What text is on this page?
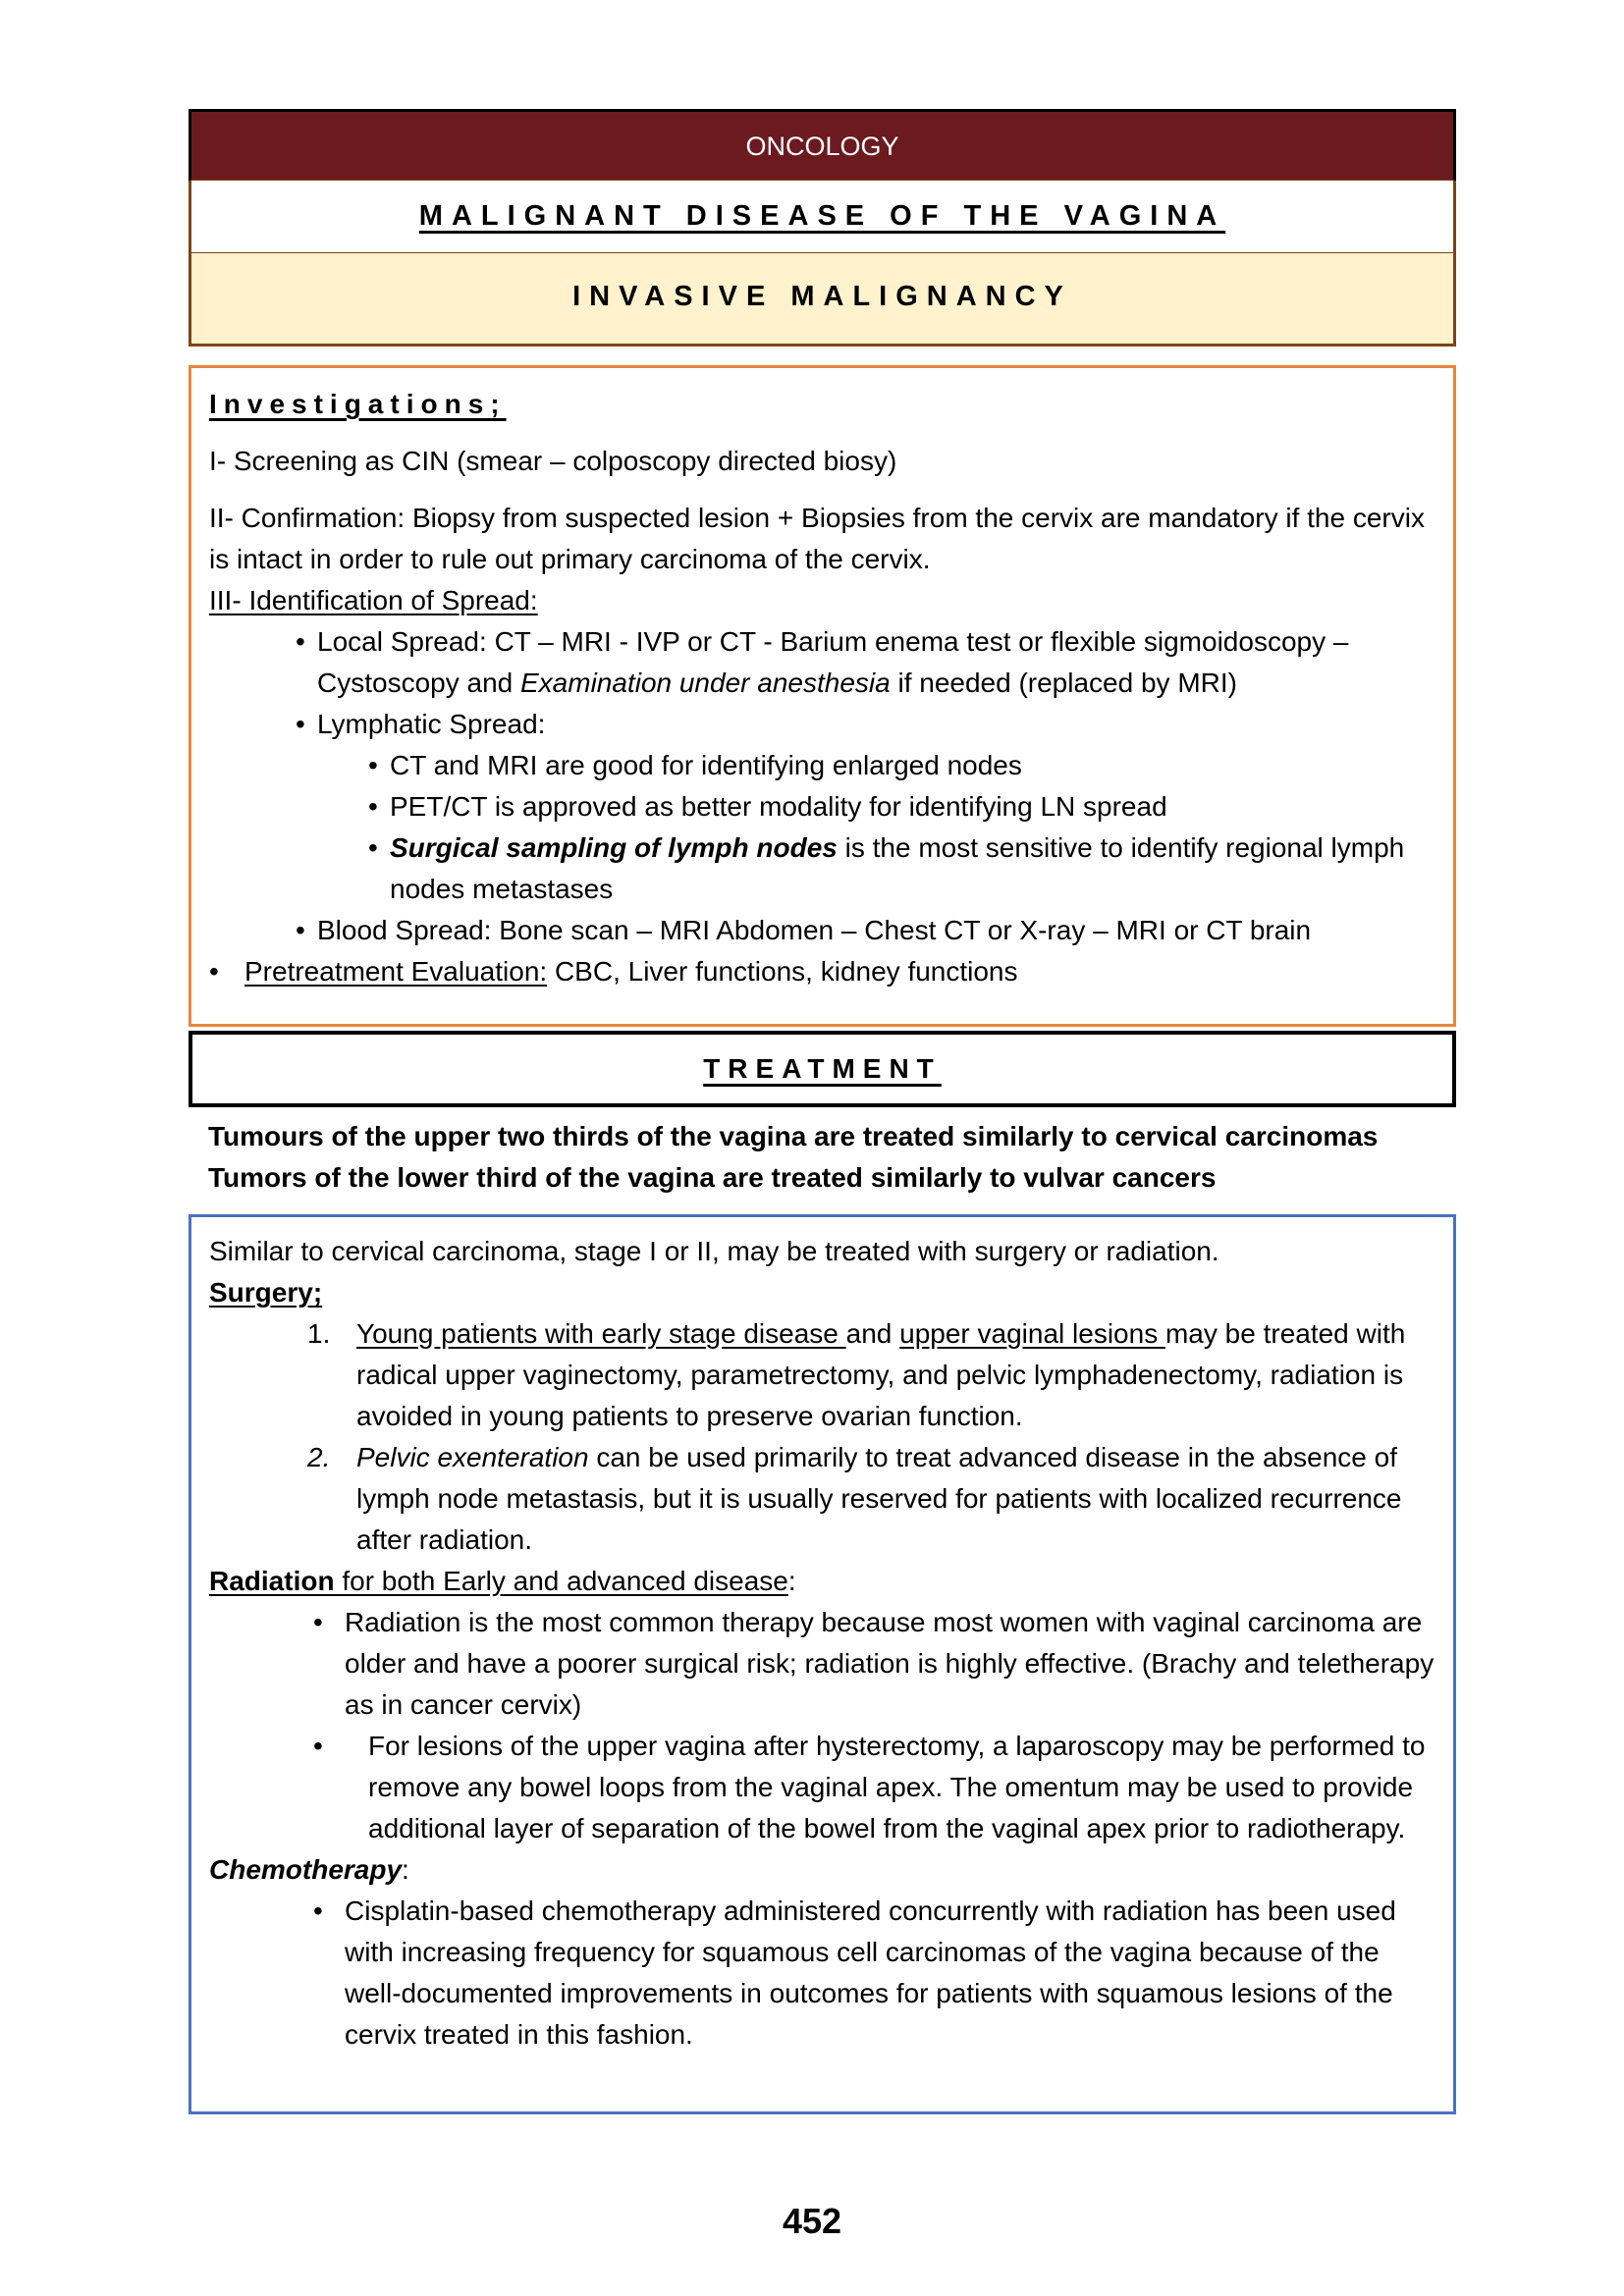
ONCOLOGY
MALIGNANT DISEASE OF THE VAGINA
INVASIVE MALIGNANCY
Investigations;

I- Screening as CIN (smear – colposcopy directed biosy)

II- Confirmation: Biopsy from suspected lesion + Biopsies from the cervix are mandatory if the cervix is intact in order to rule out primary carcinoma of the cervix.

III- Identification of Spread:

• Local Spread: CT – MRI - IVP or CT - Barium enema test or flexible sigmoidoscopy – Cystoscopy and Examination under anesthesia if needed (replaced by MRI)
• Lymphatic Spread:
• CT and MRI are good for identifying enlarged nodes
• PET/CT is approved as better modality for identifying LN spread
• Surgical sampling of lymph nodes is the most sensitive to identify regional lymph nodes metastases
• Blood Spread: Bone scan – MRI Abdomen – Chest CT or X-ray – MRI or CT brain
• Pretreatment Evaluation: CBC, Liver functions, kidney functions
TREATMENT
Tumours of the upper two thirds of the vagina are treated similarly to cervical carcinomas
Tumors of the lower third of the vagina are treated similarly to vulvar cancers

Similar to cervical carcinoma, stage I or II, may be treated with surgery or radiation.

Surgery;

1. Young patients with early stage disease and upper vaginal lesions may be treated with radical upper vaginectomy, parametrectomy, and pelvic lymphadenectomy, radiation is avoided in young patients to preserve ovarian function.
2. Pelvic exenteration can be used primarily to treat advanced disease in the absence of lymph node metastasis, but it is usually reserved for patients with localized recurrence after radiation.

Radiation for both Early and advanced disease:

• Radiation is the most common therapy because most women with vaginal carcinoma are older and have a poorer surgical risk; radiation is highly effective. (Brachy and teletherapy as in cancer cervix)
• For lesions of the upper vagina after hysterectomy, a laparoscopy may be performed to remove any bowel loops from the vaginal apex. The omentum may be used to provide additional layer of separation of the bowel from the vaginal apex prior to radiotherapy.

Chemotherapy:

• Cisplatin-based chemotherapy administered concurrently with radiation has been used with increasing frequency for squamous cell carcinomas of the vagina because of the well-documented improvements in outcomes for patients with squamous lesions of the cervix treated in this fashion.
452
